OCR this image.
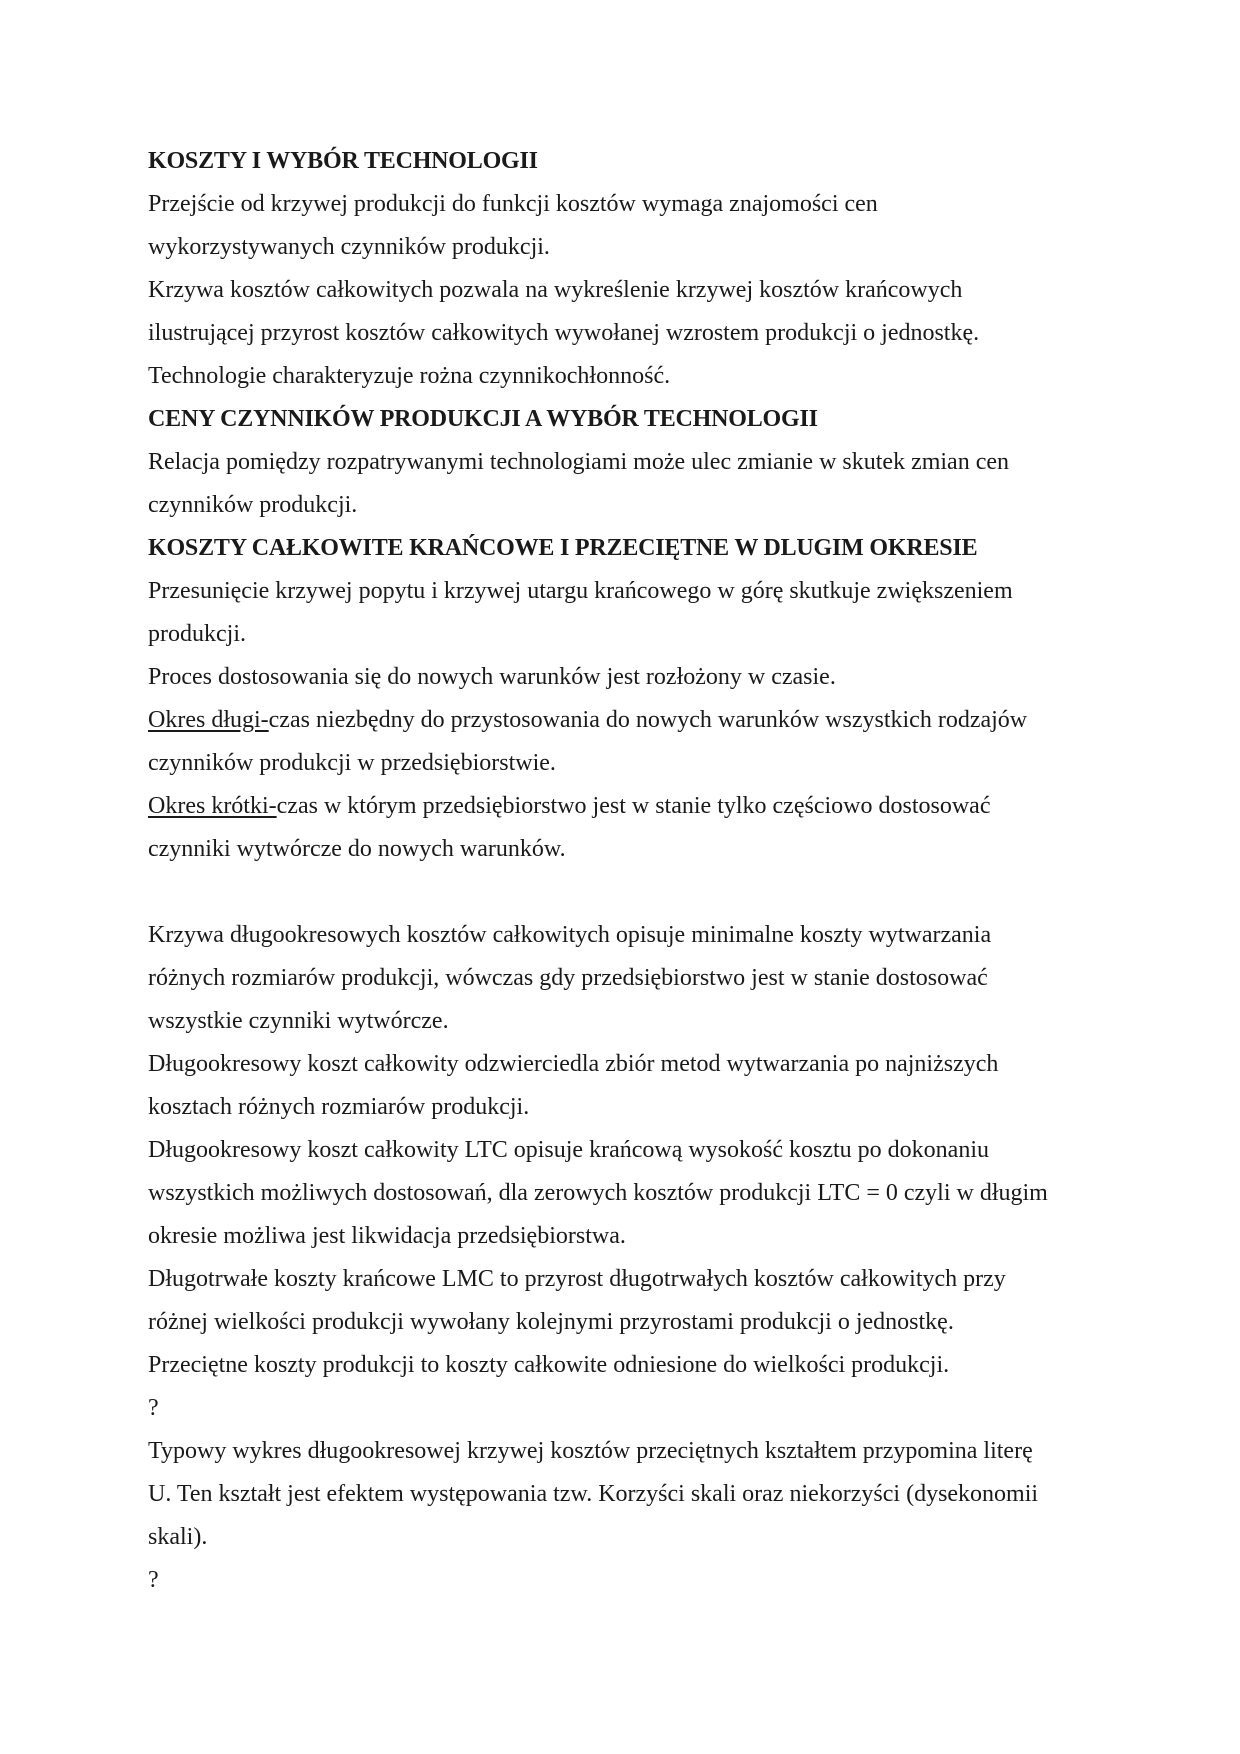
KOSZTY I WYBÓR TECHNOLOGII
Przejście od krzywej produkcji do funkcji kosztów wymaga znajomości cen
wykorzystywanych czynników produkcji.
Krzywa kosztów całkowitych pozwala na wykreślenie krzywej kosztów krańcowych
ilustrującej przyrost kosztów całkowitych wywołanej wzrostem produkcji o jednostkę.
Technologie charakteryzuje rożna czynnikochłonność.
CENY CZYNNIKÓW PRODUKCJI A WYBÓR TECHNOLOGII
Relacja pomiędzy rozpatrywanymi technologiami może ulec zmianie w skutek zmian cen
czynników produkcji.
KOSZTY CAŁKOWITE KRAŃCOWE I PRZECIĘTNE W DLUGIM OKRESIE
Przesunięcie krzywej popytu i krzywej utargu krańcowego w górę skutkuje zwiększeniem
produkcji.
Proces dostosowania się do nowych warunków jest rozłożony w czasie.
Okres długi-czas niezbędny do przystosowania do nowych warunków wszystkich rodzajów
czynników produkcji w przedsiębiorstwie.
Okres krótki-czas w którym przedsiębiorstwo jest w stanie tylko częściowo dostosować
czynniki wytwórcze do nowych warunków.
Krzywa długookresowych kosztów całkowitych opisuje minimalne koszty wytwarzania
różnych rozmiarów produkcji, wówczas gdy przedsiębiorstwo jest w stanie dostosować
wszystkie czynniki wytwórcze.
Długookresowy koszt całkowity odzwierciedla zbiór metod wytwarzania po najniższych
kosztach różnych rozmiarów produkcji.
Długookresowy koszt całkowity LTC opisuje krańcową wysokość kosztu po dokonaniu
wszystkich możliwych dostosowań, dla zerowych kosztów produkcji LTC = 0 czyli w długim
okresie możliwa jest likwidacja przedsiębiorstwa.
Długotrwałe koszty krańcowe LMC to przyrost długotrwałych kosztów całkowitych przy
różnej wielkości produkcji wywołany kolejnymi przyrostami produkcji o jednostkę.
Przeciętne koszty produkcji to koszty całkowite odniesione do wielkości produkcji.
?
Typowy wykres długookresowej krzywej kosztów przeciętnych kształtem przypomina literę
U. Ten kształt jest efektem występowania tzw. Korzyści skali oraz niekorzyści (dysekonomii
skali).
?
